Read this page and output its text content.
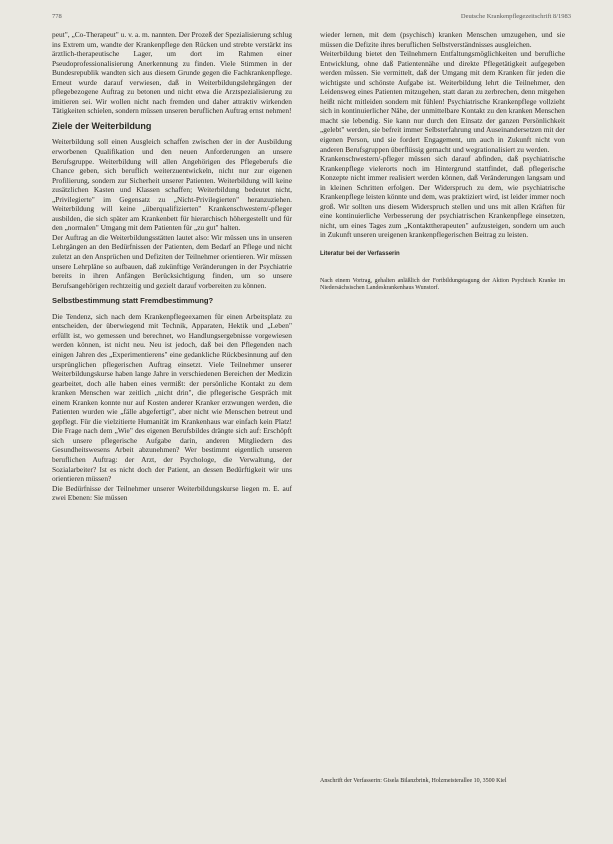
778	Deutsche Krankenpflegezeitschrift 8/1983

peut", „Co-Therapeut" u. v. a. m. nannten. Der Prozeß der Spezialisierung schlug ins Extrem um, wandte der Krankenpflege den Rücken und strebte verstärkt ins ärztlich-therapeutische Lager, um dort im Rahmen einer Pseudoprofessionalisierung Anerkennung zu finden. Viele Stimmen in der Bundesrepublik wandten sich aus diesem Grunde gegen die Fachkrankenpflege. Erneut wurde darauf verwiesen, daß in Weiterbildungslehrgängen der pflegebezogene Auftrag zu betonen und nicht etwa die Arztspezialisierung zu imitieren sei. Wir wollen nicht nach fremden und daher attraktiv wirkenden Tätigkeiten schielen, sondern müssen unseren beruflichen Auftrag ernst nehmen!

Ziele der Weiterbildung

Weiterbildung soll einen Ausgleich schaffen zwischen der in der Ausbildung erworbenen Qualifikation und den neuen Anforderungen an unsere Berufsgruppe. Weiterbildung will allen Angehörigen des Pflegeberufs die Chance geben, sich beruflich weiterzuentwickeln, nicht nur zur eigenen Profilierung, sondern zur Sicherheit unserer Patienten. Weiterbildung will keine zusätzlichen Kasten und Klassen schaffen; Weiterbildung bedeutet nicht, „Privilegierte" im Gegensatz zu „Nicht-Privilegierten" heranzuziehen. Weiterbildung will keine „überqualifizierten" Krankenschwestern/-pfleger ausbilden, die sich später am Krankenbett für hierarchisch höhergestellt und für den „normalen" Umgang mit dem Patienten für „zu gut" halten.

Der Auftrag an die Weiterbildungsstätten lautet also: Wir müssen uns in unseren Lehrgängen an den Bedürfnissen der Patienten, dem Bedarf an Pflege und nicht zuletzt an den Ansprüchen und Defiziten der Teilnehmer orientieren. Wir müssen unsere Lehrpläne so aufbauen, daß zukünftige Veränderungen in der Psychiatrie bereits in ihren Anfängen Berücksichtigung finden, um so unsere Berufsangehörigen rechtzeitig und gezielt darauf vorbereiten zu können.

Selbstbestimmung statt Fremdbestimmung?

Die Tendenz, sich nach dem Krankenpflegeexamen für einen Arbeitsplatz zu entscheiden, der überwiegend mit Technik, Apparaten, Hektik und „Leben" erfüllt ist, wo gemessen und berechnet, wo Handlungsergebnisse vorgewiesen werden können, ist nicht neu. Neu ist jedoch, daß bei den Pflegenden nach einigen Jahren des „Experimentierens" eine gedankliche Rückbesinnung auf den ursprünglichen pflegerischen Auftrag einsetzt. Viele Teilnehmer unserer Weiterbildungskurse haben lange Jahre in verschiedenen Bereichen der Medizin gearbeitet, doch alle haben eines vermißt: der persönliche Kontakt zu dem kranken Menschen war zeitlich „nicht drin", die pflegerische Gespräch mit einem Kranken konnte nur auf Kosten anderer Kranker erzwungen werden, die Patienten wurden wie „fälle abgefertigt", aber nicht wie Menschen betreut und gepflegt. Für die vielzitierte Humanität im Krankenhaus war einfach kein Platz! Die Frage nach dem „Wie" des eigenen Berufsbildes drängte sich auf: Erschöpft sich unsere pflegerische Aufgabe darin, anderen Mitgliedern des Gesundheitswesens Arbeit abzunehmen? Wer bestimmt eigentlich unseren beruflichen Auftrag: der Arzt, der Psychologe, die Verwaltung, der Sozialarbeiter? Ist es nicht doch der Patient, an dessen Bedürftigkeit wir uns orientieren müssen?

Die Bedürfnisse der Teilnehmer unserer Weiterbildungskurse liegen m. E. auf zwei Ebenen: Sie müssen

wieder lernen, mit dem (psychisch) kranken Menschen umzugehen, und sie müssen die Defizite ihres beruflichen Selbstverständnisses ausgleichen.

Weiterbildung bietet den Teilnehmern Entfaltungsmöglichkeiten und berufliche Entwicklung, ohne daß Patientennähe und direkte Pflegetätigkeit aufgegeben werden müssen. Sie vermittelt, daß der Umgang mit dem Kranken für jeden die wichtigste und schönste Aufgabe ist. Weiterbildung lehrt die Teilnehmer, den Leidensweg eines Patienten mitzugehen, statt daran zu zerbrechen, denn mitgehen heißt nicht mitleiden sondern mit fühlen! Psychiatrische Krankenpflege vollzieht sich in kontinuierlicher Nähe, der unmittelbare Kontakt zu den kranken Menschen macht sie lebendig. Sie kann nur durch den Einsatz der ganzen Persönlichkeit „gelebt" werden, sie befreit immer Selbsterfahrung und Auseinandersetzen mit der eigenen Person, und sie fordert Engagement, um auch in Zukunft nicht von anderen Berufsgruppen überflüssig gemacht und wegrationalisiert zu werden.

Krankenschwestern/-pfleger müssen sich darauf abfinden, daß psychiatrische Krankenpflege vielerorts noch im Hintergrund stattfindet, daß pflegerische Konzepte nicht immer realisiert werden können, daß Veränderungen langsam und in kleinen Schritten erfolgen. Der Widerspruch zu dem, wie psychiatrische Krankenpflege leisten könnte und dem, was praktiziert wird, ist leider immer noch groß. Wir sollten uns diesem Widerspruch stellen und uns mit allen Kräften für eine kontinuierliche Verbesserung der psychiatrischen Krankenpflege einsetzen, nicht, um eines Tages zum „Kontakttherapeuten" aufzusteigen, sondern um auch in Zukunft unseren ureigenen krankenpflegerischen Beitrag zu leisten.

Literatur bei der Verfasserin
Nach einem Vortrag, gehalten anläßlich der Fortbildungstagung der Aktion Psychisch Kranke im Niedersächsischen Landeskrankenhaus Wunstorf.
Anschrift der Verfasserin: Gisela Bilanzbrink, Holzmeisterallee 10, 3500 Kiel
